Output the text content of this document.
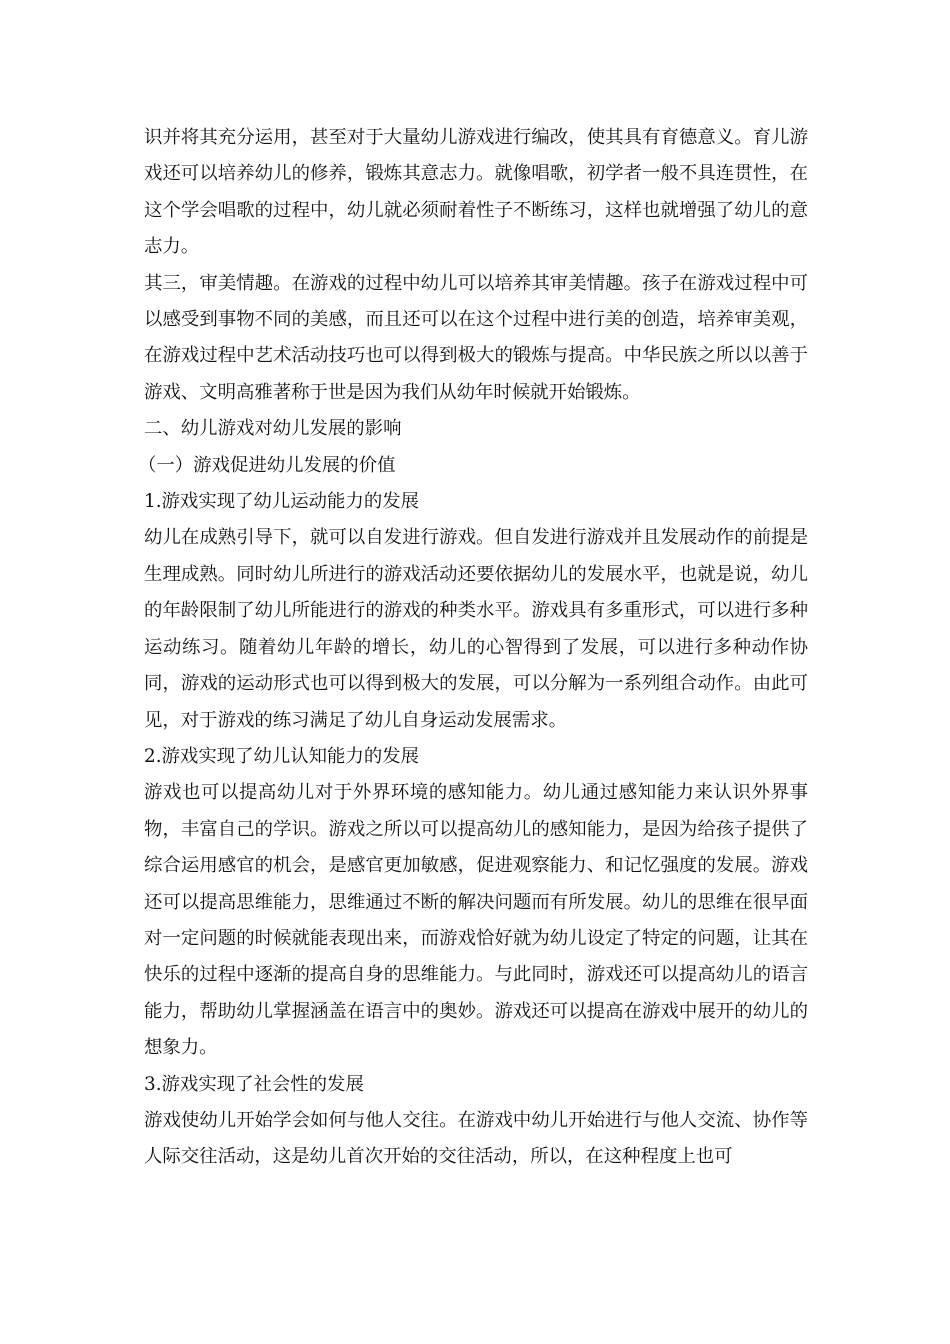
识并将其充分运用，甚至对于大量幼儿游戏进行编改，使其具有育德意义。育儿游戏还可以培养幼儿的修养，锻炼其意志力。就像唱歌，初学者一般不具连贯性，在这个学会唱歌的过程中，幼儿就必须耐着性子不断练习，这样也就增强了幼儿的意志力。

其三，审美情趣。在游戏的过程中幼儿可以培养其审美情趣。孩子在游戏过程中可以感受到事物不同的美感，而且还可以在这个过程中进行美的创造，培养审美观，在游戏过程中艺术活动技巧也可以得到极大的锻炼与提高。中华民族之所以以善于游戏、文明高雅著称于世是因为我们从幼年时候就开始锻炼。

二、幼儿游戏对幼儿发展的影响

（一）游戏促进幼儿发展的价值

1.游戏实现了幼儿运动能力的发展

幼儿在成熟引导下，就可以自发进行游戏。但自发进行游戏并且发展动作的前提是生理成熟。同时幼儿所进行的游戏活动还要依据幼儿的发展水平，也就是说，幼儿的年龄限制了幼儿所能进行的游戏的种类水平。游戏具有多重形式，可以进行多种运动练习。随着幼儿年龄的增长，幼儿的心智得到了发展，可以进行多种动作协同，游戏的运动形式也可以得到极大的发展，可以分解为一系列组合动作。由此可见，对于游戏的练习满足了幼儿自身运动发展需求。

2.游戏实现了幼儿认知能力的发展

游戏也可以提高幼儿对于外界环境的感知能力。幼儿通过感知能力来认识外界事物，丰富自己的学识。游戏之所以可以提高幼儿的感知能力，是因为给孩子提供了综合运用感官的机会，是感官更加敏感，促进观察能力、和记忆强度的发展。游戏还可以提高思维能力，思维通过不断的解决问题而有所发展。幼儿的思维在很早面对一定问题的时候就能表现出来，而游戏恰好就为幼儿设定了特定的问题，让其在快乐的过程中逐渐的提高自身的思维能力。与此同时，游戏还可以提高幼儿的语言能力，帮助幼儿掌握涵盖在语言中的奥妙。游戏还可以提高在游戏中展开的幼儿的想象力。

3.游戏实现了社会性的发展

游戏使幼儿开始学会如何与他人交往。在游戏中幼儿开始进行与他人交流、协作等人际交往活动，这是幼儿首次开始的交往活动，所以，在这种程度上也可
